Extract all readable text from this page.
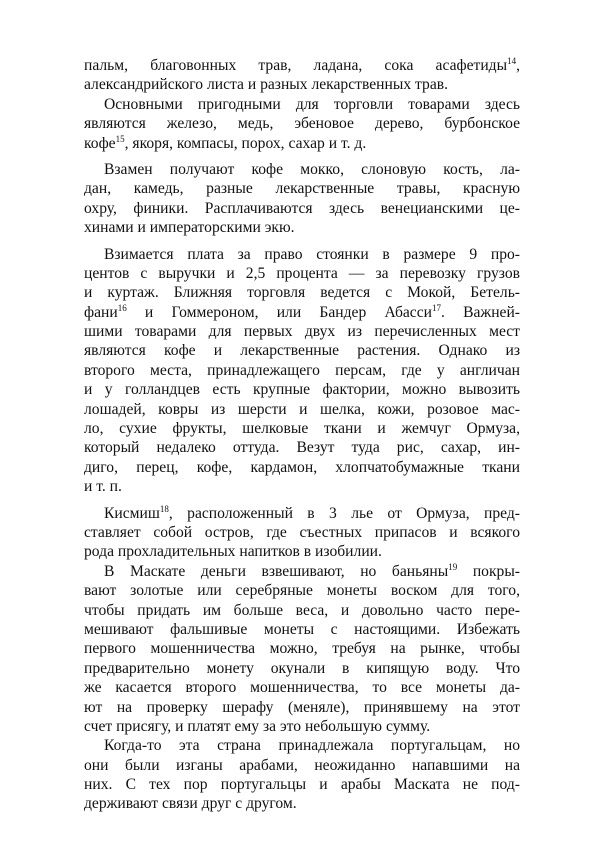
пальм, благовонных трав, ладана, сока асафетиды$^{14}$,
александрийского листа и разных лекарственных трав.
Основными пригодными для торговли товарами здесь
являются железо, медь, эбеновое дерево, бурбонское
кофе$^{15}$, якоря, компасы, порох, сахар и т. д.
Взамен получают кофе мокко, слоновую кость, ла-
дан, камедь, разные лекарственные травы, красную
охру, финики. Расплачиваются здесь венецианскими це-
хинами и императорскими экю.
Взимается плата за право стоянки в размере 9 про-
центов с выручки и 2,5 процента — за перевозку грузов
и куртаж. Ближняя торговля ведется с Мокой, Бетель-
фани$^{16}$ и Гоммероном, или Бандер Абасси$^{17}$. Важней-
шими товарами для первых двух из перечисленных мест
являются кофе и лекарственные растения. Однако из
второго места, принадлежащего персам, где у англичан
и у голландцев есть крупные фактории, можно вывозить
лошадей, ковры из шерсти и шелка, кожи, розовое мас-
ло, сухие фрукты, шелковые ткани и жемчуг Ормуза,
который недалеко оттуда. Везут туда рис, сахар, ин-
диго, перец, кофе, кардамон, хлопчатобумажные ткани
и т. п.
Кисмиш$^{18}$, расположенный в 3 лье от Ормуза, пред-
ставляет собой остров, где съестных припасов и всякого
рода прохладительных напитков в изобилии.
В Маскате деньги взвешивают, но баньяны$^{19}$ покры-
вают золотые или серебряные монеты воском для того,
чтобы придать им больше веса, и довольно часто пере-
мешивают фальшивые монеты с настоящими. Избежать
первого мошенничества можно, требуя на рынке, чтобы
предварительно монету окунали в кипящую воду. Что
же касается второго мошенничества, то все монеты да-
ют на проверку шерафу (меняле), принявшему на этот
счет присягу, и платят ему за это небольшую сумму.
Когда-то эта страна принадлежала португальцам, но
они были изганы арабами, неожиданно напавшими на
них. С тех пор португальцы и арабы Маската не под-
держивают связи друг с другом.
